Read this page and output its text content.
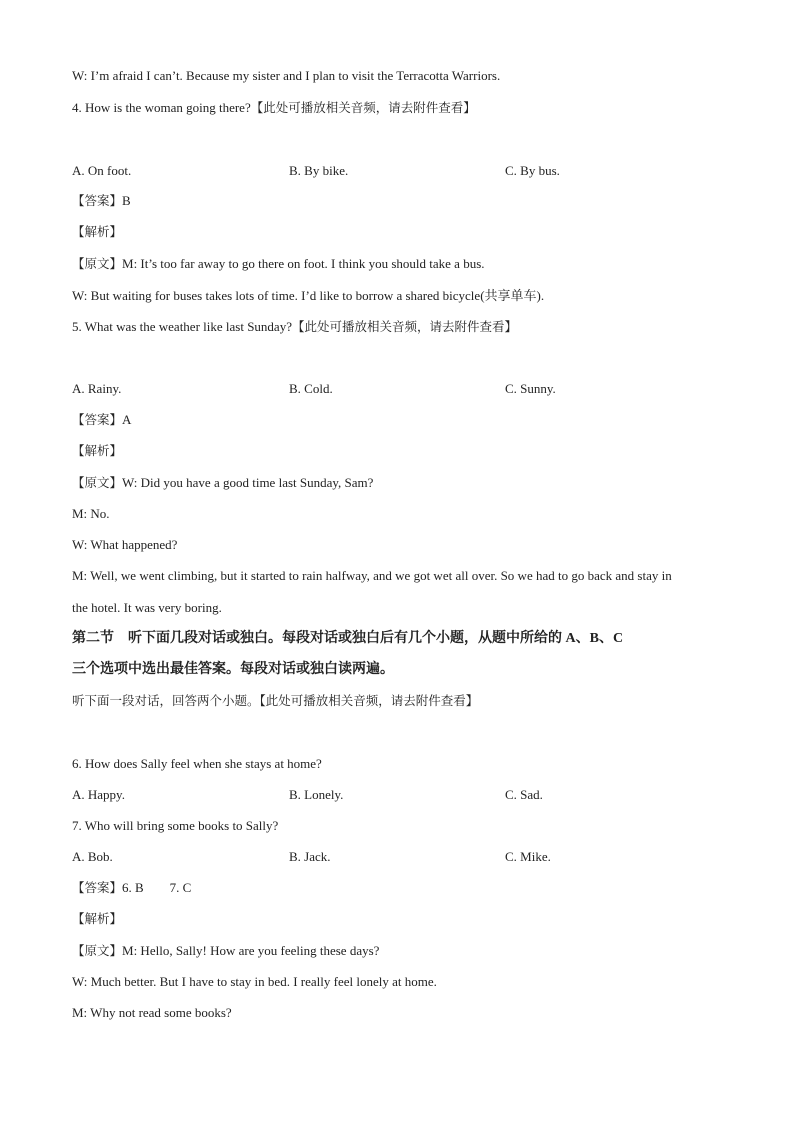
W: I’m afraid I can’t. Because my sister and I plan to visit the Terracotta Warriors.
4. How is the woman going there?【此处可播放相关音频，请去附件查看】
A. On foot.	B. By bike.	C. By bus.
【答案】B
【解析】
【原文】M: It’s too far away to go there on foot. I think you should take a bus.
W: But waiting for buses takes lots of time. I’d like to borrow a shared bicycle(共享单车).
5. What was the weather like last Sunday?【此处可播放相关音频，请去附件查看】
A. Rainy.	B. Cold.	C. Sunny.
【答案】A
【解析】
【原文】W: Did you have a good time last Sunday, Sam?
M: No.
W: What happened?
M: Well, we went climbing, but it started to rain halfway, and we got wet all over. So we had to go back and stay in
the hotel. It was very boring.
第二节　听下面几段对话或独白。每段对话或独白后有几个小题，从题中所给的 A、B、C
三个选项中选出最佳答案。每段对话或独白读两遍。
听下面一段对话，回答两个小题。【此处可播放相关音频，请去附件查看】
6. How does Sally feel when she stays at home?
A. Happy.	B. Lonely.	C. Sad.
7. Who will bring some books to Sally?
A. Bob.	B. Jack.	C. Mike.
【答案】6. B　　7. C
【解析】
【原文】M: Hello, Sally! How are you feeling these days?
W: Much better. But I have to stay in bed. I really feel lonely at home.
M: Why not read some books?
